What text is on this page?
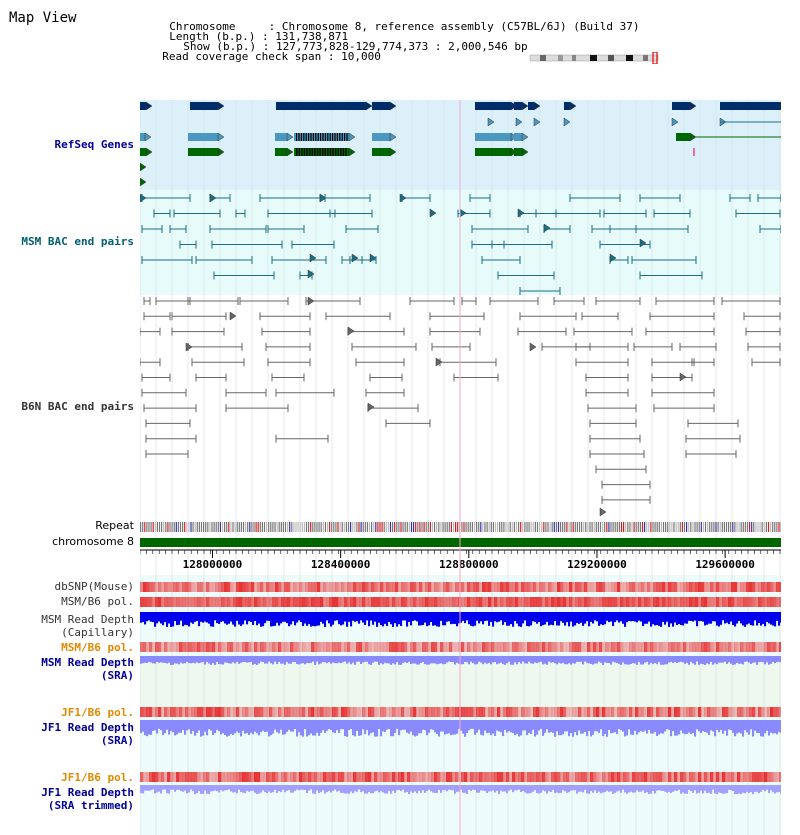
Map View

Chromosome     : Chromosome 8, reference assembly (C57BL/6J) (Build 37)

Length (b.p.) : 131,738,871

Show (b.p.) : 127,773,828-129,774,373 : 2,000,546 bp

Read coverage check span : 10,000

RefSeq Genes
MSM BAC end pairs
B6N BAC end pairs
Repeat
chromosome 8
dbSNP(Mouse)
MSM/B6 pol.
MSM Read Depth
(Capillary)
MSM/B6 pol.
MSM Read Depth
(SRA)
JF1/B6 pol.
JF1 Read Depth
(SRA)
JF1/B6 pol.
JF1 Read Depth
(SRA trimmed)
128000000	128400000	128800000	129200000	129600000
